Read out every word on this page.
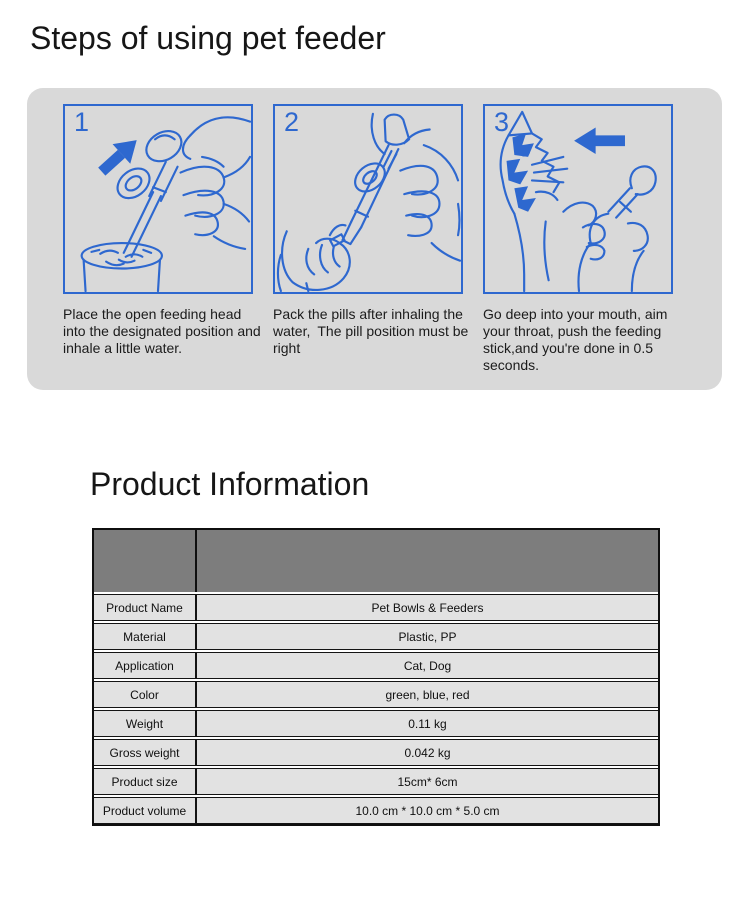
Steps of using pet feeder
1	2	3
Place the open feeding head into the designated position and inhale a little water.
Pack the pills after inhaling the water, The pill position must be right
Go deep into your mouth, aim your throat, push the feeding stick,and you're done in 0.5 seconds.
Product Information
Product Name	Pet Bowls & Feeders
Material	Plastic, PP
Application	Cat, Dog
Color	green, blue, red
Weight	0.11 kg
Gross weight	0.042 kg
Product size	15cm* 6cm
Product volume	10.0 cm * 10.0 cm * 5.0 cm
